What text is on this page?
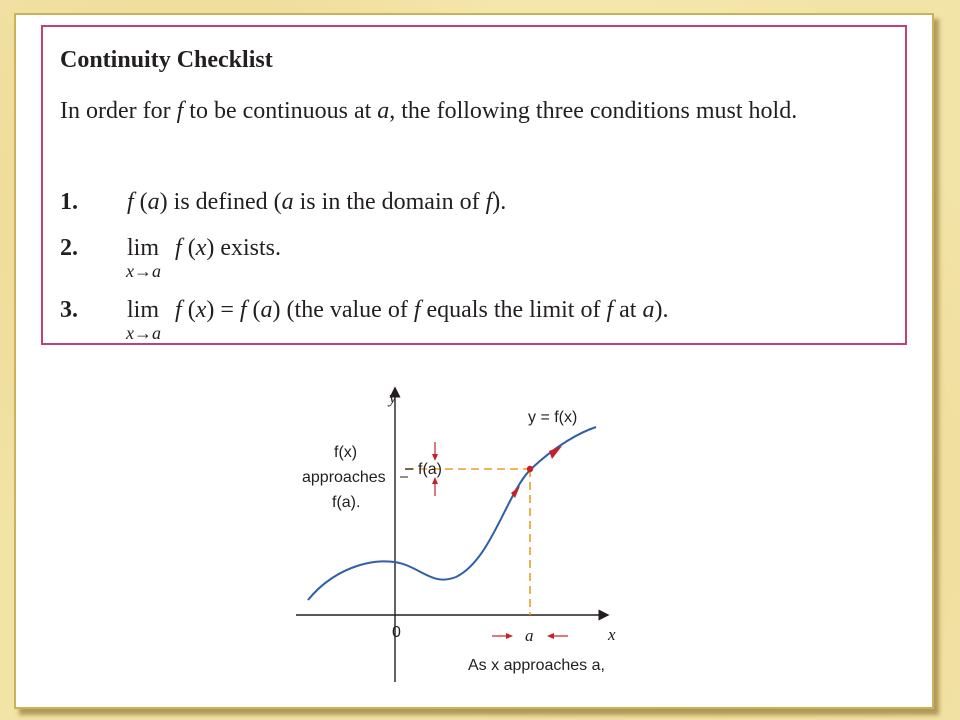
Continuity Checklist
In order for f to be continuous at a, the following three conditions must hold.
1. f (a) is defined (a is in the domain of f).
2. lim f (x) exists.
x→a
3. lim f (x) = f (a) (the value of f equals the limit of f at a).
x→a
y
x
y = f(x)
0
f(a)
a
f(x)
approaches
f(a).
As x approaches a,
